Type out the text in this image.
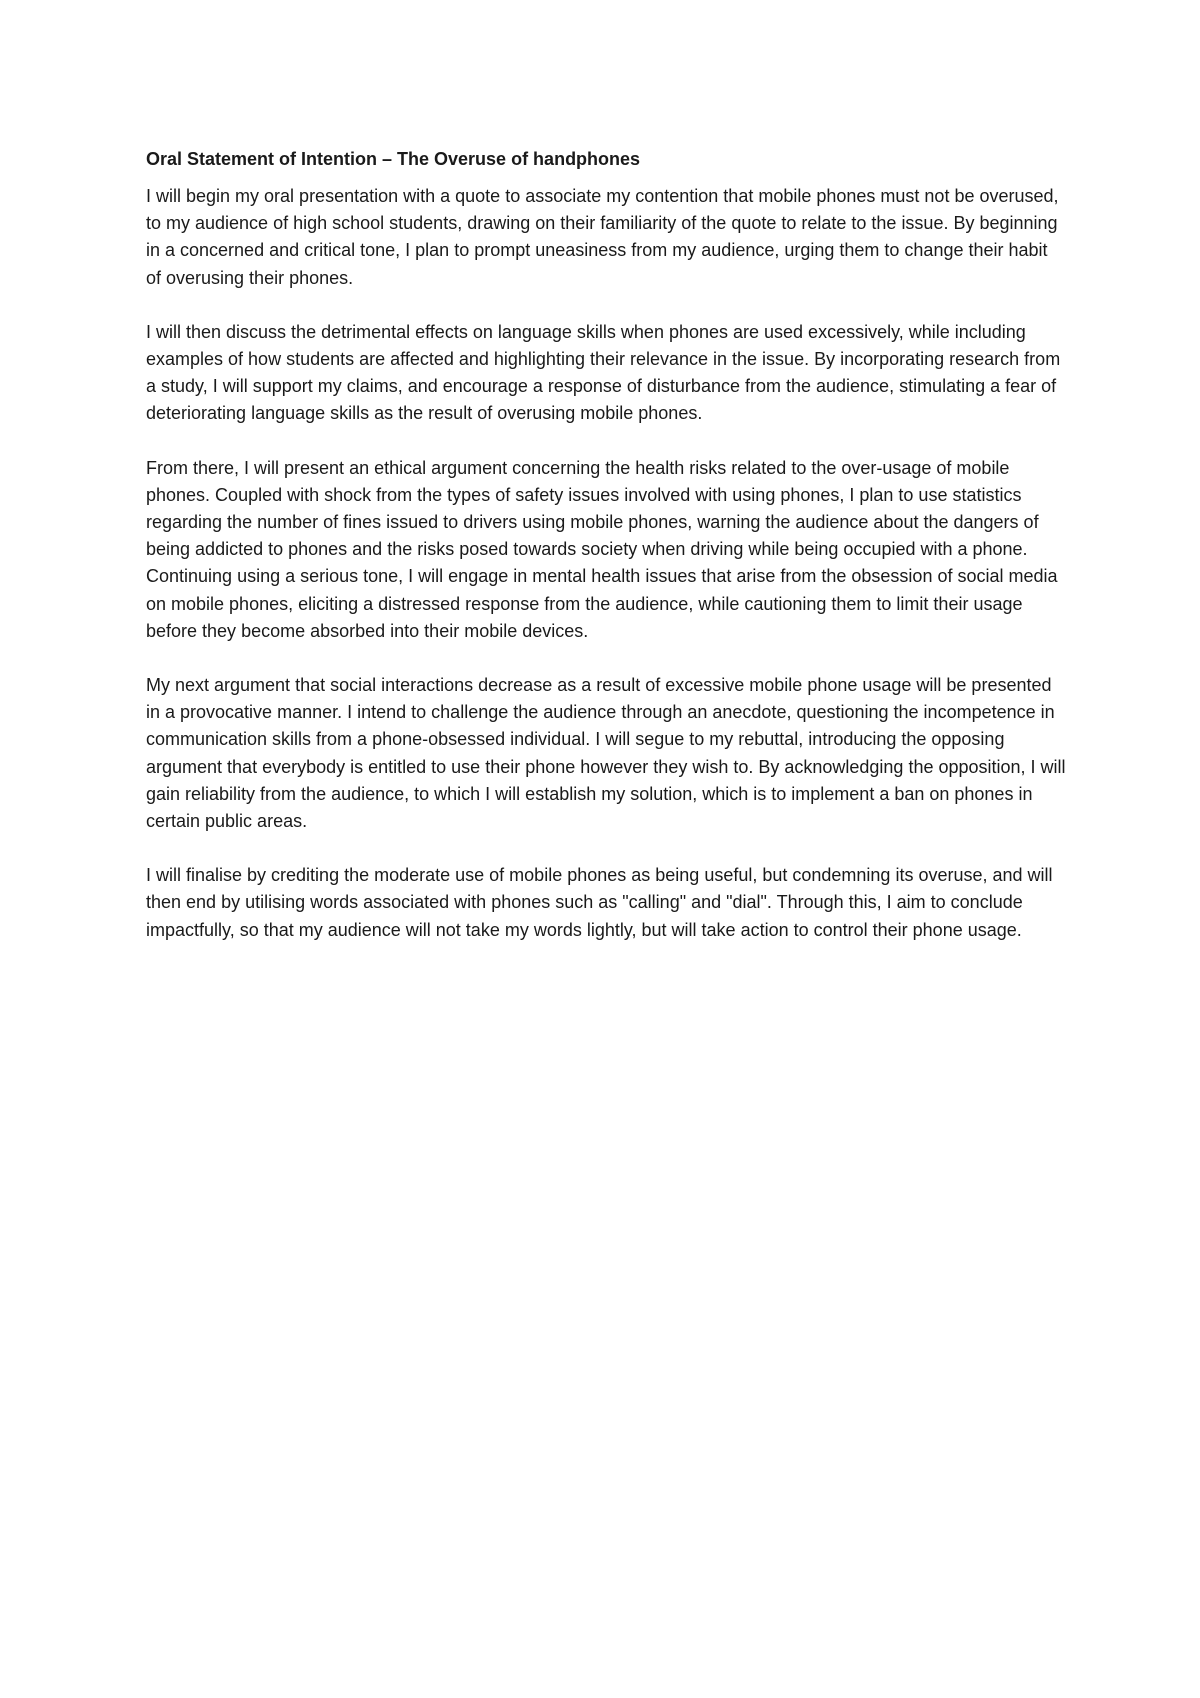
Oral Statement of Intention – The Overuse of handphones

I will begin my oral presentation with a quote to associate my contention that mobile phones must not be overused, to my audience of high school students, drawing on their familiarity of the quote to relate to the issue. By beginning in a concerned and critical tone, I plan to prompt uneasiness from my audience, urging them to change their habit of overusing their phones.

I will then discuss the detrimental effects on language skills when phones are used excessively, while including examples of how students are affected and highlighting their relevance in the issue. By incorporating research from a study, I will support my claims, and encourage a response of disturbance from the audience, stimulating a fear of deteriorating language skills as the result of overusing mobile phones.

From there, I will present an ethical argument concerning the health risks related to the over-usage of mobile phones. Coupled with shock from the types of safety issues involved with using phones, I plan to use statistics regarding the number of fines issued to drivers using mobile phones, warning the audience about the dangers of being addicted to phones and the risks posed towards society when driving while being occupied with a phone. Continuing using a serious tone, I will engage in mental health issues that arise from the obsession of social media on mobile phones, eliciting a distressed response from the audience, while cautioning them to limit their usage before they become absorbed into their mobile devices.

My next argument that social interactions decrease as a result of excessive mobile phone usage will be presented in a provocative manner. I intend to challenge the audience through an anecdote, questioning the incompetence in communication skills from a phone-obsessed individual. I will segue to my rebuttal, introducing the opposing argument that everybody is entitled to use their phone however they wish to. By acknowledging the opposition, I will gain reliability from the audience, to which I will establish my solution, which is to implement a ban on phones in certain public areas.

I will finalise by crediting the moderate use of mobile phones as being useful, but condemning its overuse, and will then end by utilising words associated with phones such as "calling" and "dial". Through this, I aim to conclude impactfully, so that my audience will not take my words lightly, but will take action to control their phone usage.
